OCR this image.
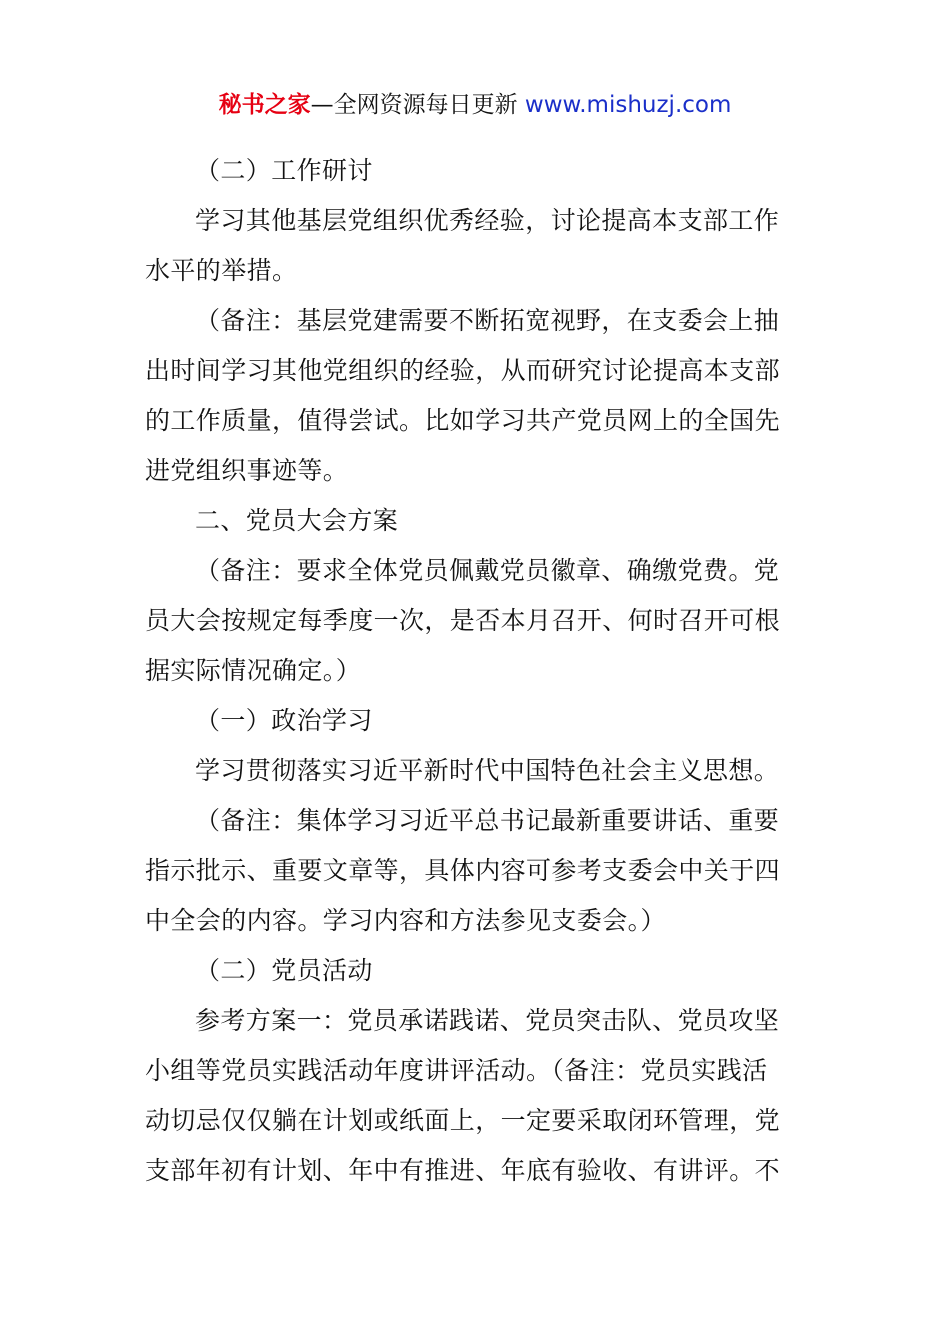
秘书之家—全网资源每日更新 www.mishuzj.com
（二）工作研讨
学习其他基层党组织优秀经验，讨论提高本支部工作
水平的举措。
（备注：基层党建需要不断拓宽视野，在支委会上抽
出时间学习其他党组织的经验，从而研究讨论提高本支部
的工作质量，值得尝试。比如学习共产党员网上的全国先
进党组织事迹等。
二、党员大会方案
（备注：要求全体党员佩戴党员徽章、确缴党费。党
员大会按规定每季度一次，是否本月召开、何时召开可根
据实际情况确定。）
（一）政治学习
学习贯彻落实习近平新时代中国特色社会主义思想。
（备注：集体学习习近平总书记最新重要讲话、重要
指示批示、重要文章等，具体内容可参考支委会中关于四
中全会的内容。学习内容和方法参见支委会。）
（二）党员活动
参考方案一：党员承诺践诺、党员突击队、党员攻坚
小组等党员实践活动年度讲评活动。（备注：党员实践活
动切忌仅仅躺在计划或纸面上，一定要采取闭环管理，党
支部年初有计划、年中有推进、年底有验收、有讲评。不
